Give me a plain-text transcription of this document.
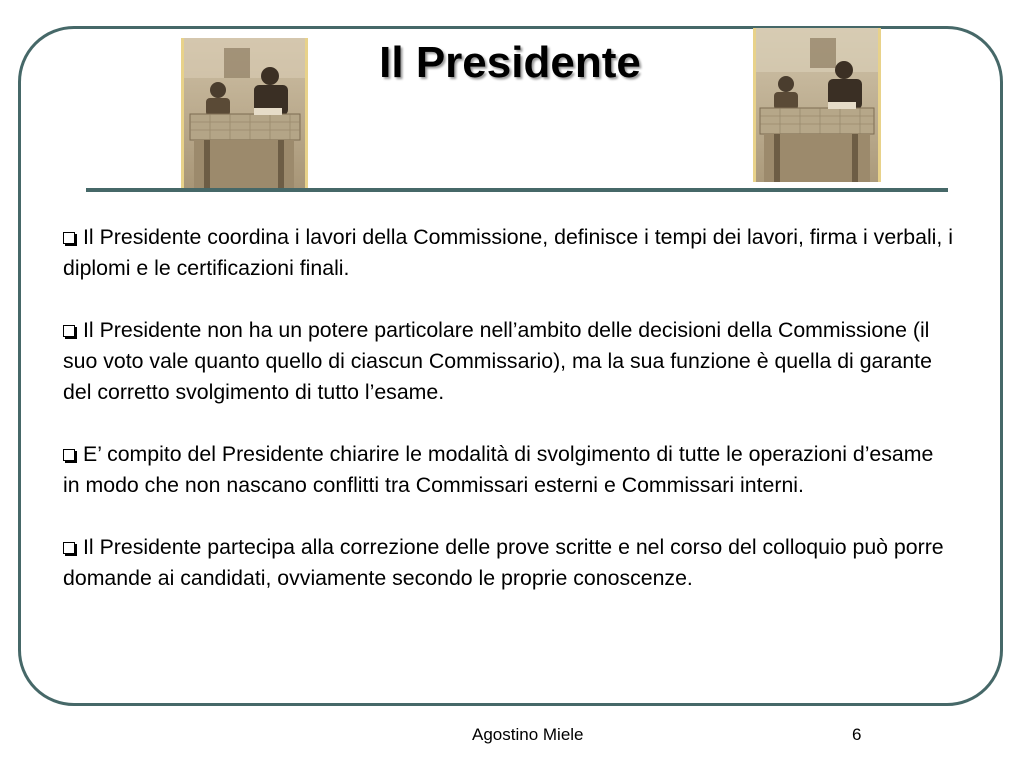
Il Presidente
Il Presidente coordina i lavori della Commissione, definisce i tempi dei lavori, firma i verbali, i diplomi e le certificazioni finali.
Il Presidente non ha un potere particolare nell’ambito delle decisioni della Commissione (il suo voto vale quanto quello di ciascun Commissario), ma la sua funzione è quella di garante del corretto svolgimento di tutto l’esame.
E’ compito del Presidente chiarire le modalità di svolgimento di tutte le operazioni d’esame in modo che non nascano conflitti tra Commissari esterni e Commissari interni.
Il Presidente partecipa alla correzione delle prove scritte e nel corso del colloquio può porre domande ai candidati, ovviamente secondo le proprie conoscenze.
Agostino Miele	6
